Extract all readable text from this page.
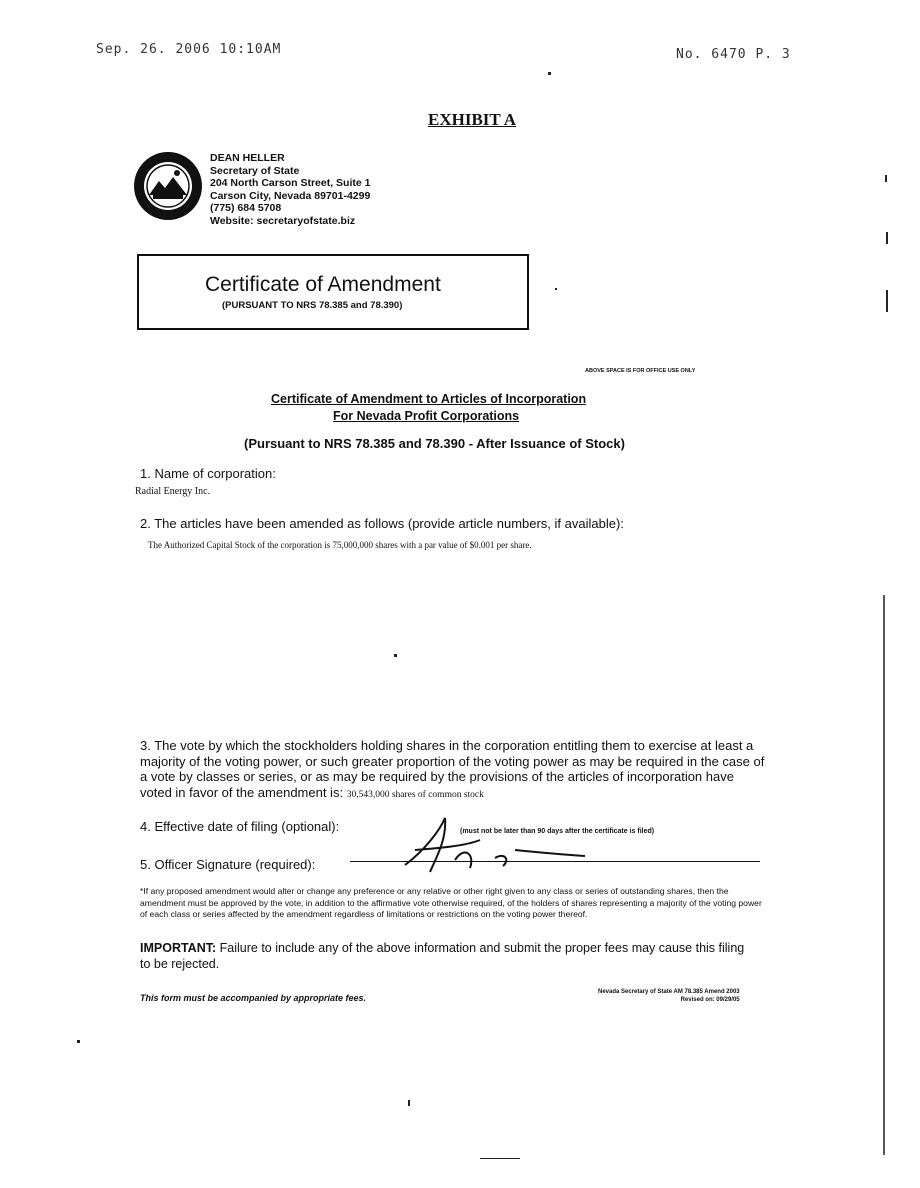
Sep. 26. 2006 10:10AM	No. 6470 P. 3
EXHIBIT A
DEAN HELLER
Secretary of State
204 North Carson Street, Suite 1
Carson City, Nevada 89701-4299
(775) 684 5708
Website: secretaryofstate.biz
Certificate of Amendment
(PURSUANT TO NRS 78.385 and 78.390)
ABOVE SPACE IS FOR OFFICE USE ONLY
Certificate of Amendment to Articles of Incorporation
For Nevada Profit Corporations
(Pursuant to NRS 78.385 and 78.390 - After Issuance of Stock)
1. Name of corporation:
Radial Energy Inc.
2. The articles have been amended as follows (provide article numbers, if available):
The Authorized Capital Stock of the corporation is 75,000,000 shares with a par value of $0.001 per share.
3. The vote by which the stockholders holding shares in the corporation entitling them to exercise at least a majority of the voting power, or such greater proportion of the voting power as may be required in the case of a vote by classes or series, or as may be required by the provisions of the articles of incorporation have voted in favor of the amendment is: 30,543,000 shares of common stock
4. Effective date of filing (optional):	(must not be later than 90 days after the certificate is filed)
5. Officer Signature (required):
*If any proposed amendment would alter or change any preference or any relative or other right given to any class or series of outstanding shares, then the amendment must be approved by the vote, in addition to the affirmative vote otherwise required, of the holders of shares representing a majority of the voting power of each class or series affected by the amendment regardless of limitations or restrictions on the voting power thereof.
IMPORTANT: Failure to include any of the above information and submit the proper fees may cause this filing to be rejected.
This form must be accompanied by appropriate fees.
Nevada Secretary of State AM 78.385 Amend 2003
Revised on: 09/29/05
